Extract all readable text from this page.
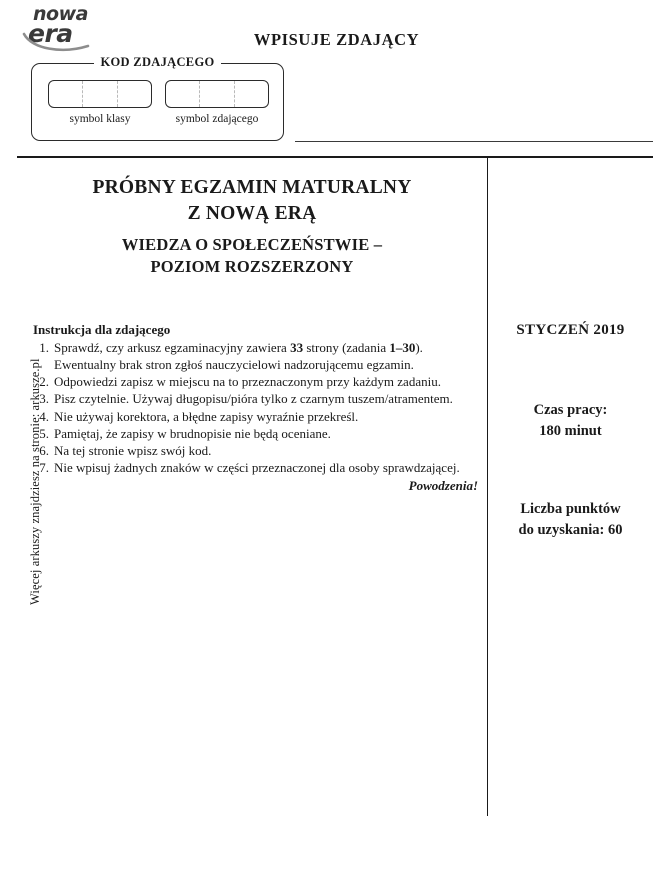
nowa
era	WPISUJE ZDAJĄCY
KOD ZDAJĄCEGO
symbol klasy	symbol zdającego
PRÓBNY EGZAMIN MATURALNY
Z NOWĄ ERĄ
WIEDZA O SPOŁECZEŃSTWIE –
POZIOM ROZSZERZONY
Instrukcja dla zdającego
1. Sprawdź, czy arkusz egzaminacyjny zawiera 33 strony (zadania 1–30).
Ewentualny brak stron zgłoś nauczycielowi nadzorującemu egzamin.
2. Odpowiedzi zapisz w miejscu na to przeznaczonym przy każdym zadaniu.
3. Pisz czytelnie. Używaj długopisu/pióra tylko z czarnym tuszem/atramentem.
4. Nie używaj korektora, a błędne zapisy wyraźnie przekreśl.
5. Pamiętaj, że zapisy w brudnopisie nie będą oceniane.
6. Na tej stronie wpisz swój kod.
7. Nie wpisuj żadnych znaków w części przeznaczonej dla osoby sprawdzającej.
Powodzenia!
STYCZEŃ 2019
Czas pracy:
180 minut
Liczba punktów
do uzyskania: 60
Więcej arkuszy znajdziesz na stronie: arkusze.pl
